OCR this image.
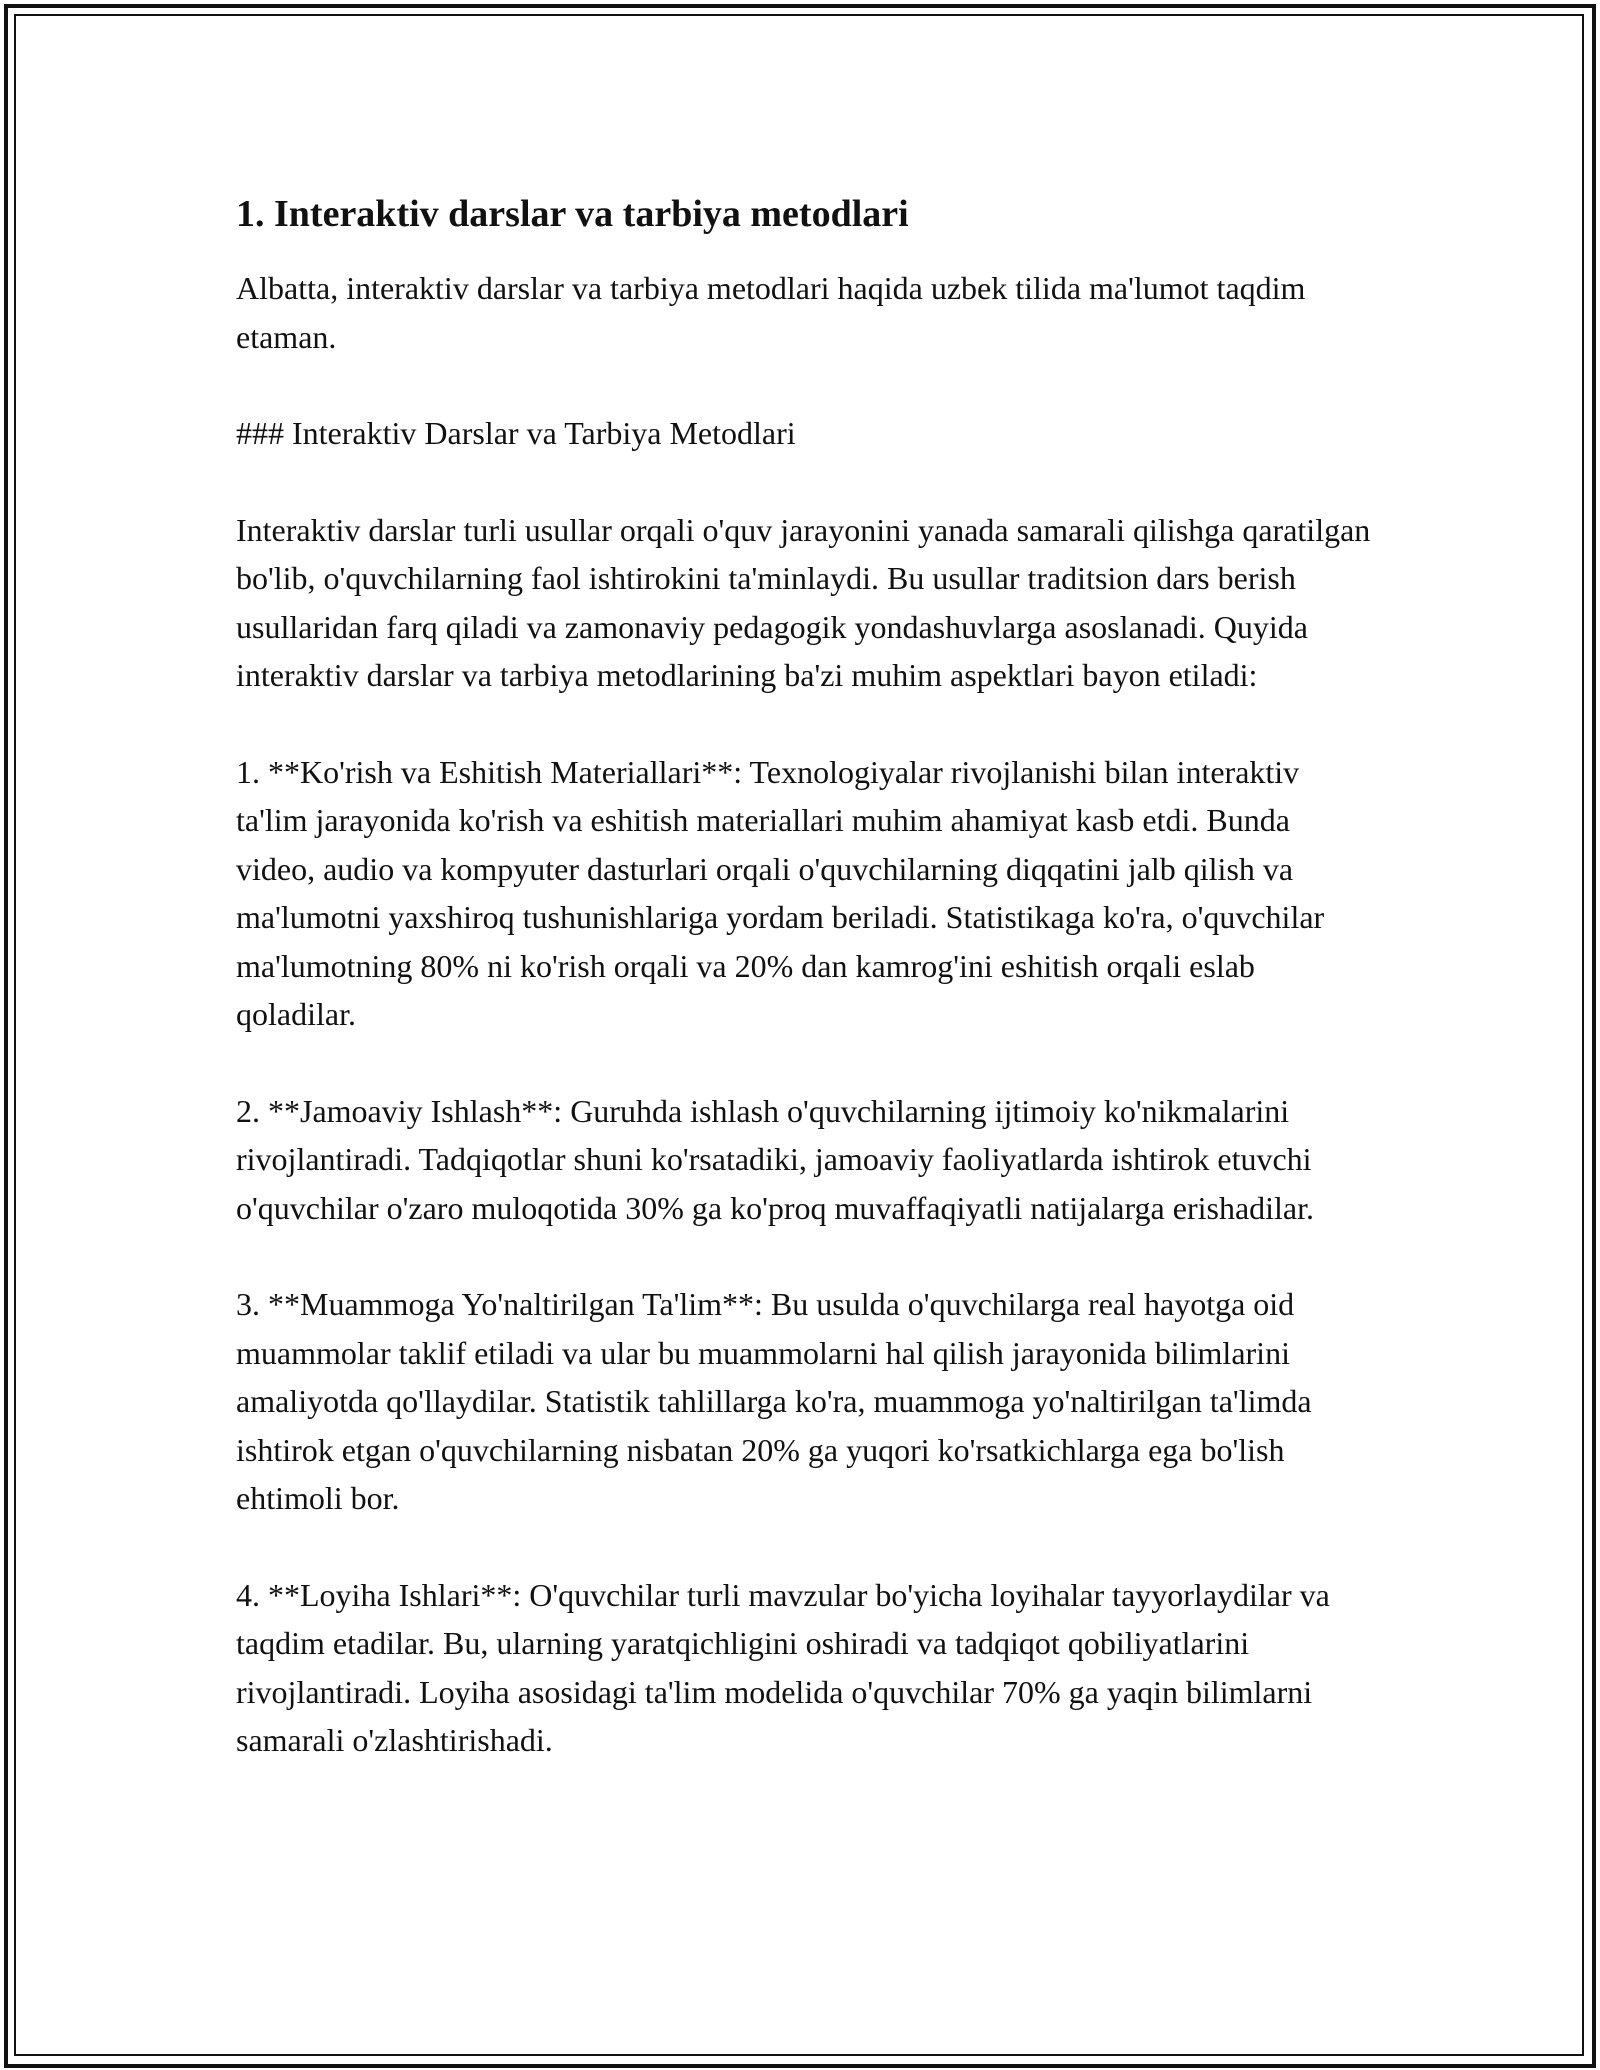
1. Interaktiv darslar va tarbiya metodlari

Albatta, interaktiv darslar va tarbiya metodlari haqida uzbek tilida ma'lumot taqdim etaman.

### Interaktiv Darslar va Tarbiya Metodlari

Interaktiv darslar turli usullar orqali o'quv jarayonini yanada samarali qilishga qaratilgan bo'lib, o'quvchilarning faol ishtirokini ta'minlaydi. Bu usullar traditsion dars berish usullaridan farq qiladi va zamonaviy pedagogik yondashuvlarga asoslanadi. Quyida interaktiv darslar va tarbiya metodlarining ba'zi muhim aspektlari bayon etiladi:

1. **Ko'rish va Eshitish Materiallari**: Texnologiyalar rivojlanishi bilan interaktiv ta'lim jarayonida ko'rish va eshitish materiallari muhim ahamiyat kasb etdi. Bunda video, audio va kompyuter dasturlari orqali o'quvchilarning diqqatini jalb qilish va ma'lumotni yaxshiroq tushunishlariga yordam beriladi. Statistikaga ko'ra, o'quvchilar ma'lumotning 80% ni ko'rish orqali va 20% dan kamrog'ini eshitish orqali eslab qoladilar.

2. **Jamoaviy Ishlash**: Guruhda ishlash o'quvchilarning ijtimoiy ko'nikmalarini rivojlantiradi. Tadqiqotlar shuni ko'rsatadiki, jamoaviy faoliyatlarda ishtirok etuvchi o'quvchilar o'zaro muloqotida 30% ga ko'proq muvaffaqiyatli natijalarga erishadilar.

3. **Muammoga Yo'naltirilgan Ta'lim**: Bu usulda o'quvchilarga real hayotga oid muammolar taklif etiladi va ular bu muammolarni hal qilish jarayonida bilimlarini amaliyotda qo'llaydilar. Statistik tahlillarga ko'ra, muammoga yo'naltirilgan ta'limda ishtirok etgan o'quvchilarning nisbatan 20% ga yuqori ko'rsatkichlarga ega bo'lish ehtimoli bor.

4. **Loyiha Ishlari**: O'quvchilar turli mavzular bo'yicha loyihalar tayyorlaydilar va taqdim etadilar. Bu, ularning yaratqichligini oshiradi va tadqiqot qobiliyatlarini rivojlantiradi. Loyiha asosidagi ta'lim modelida o'quvchilar 70% ga yaqin bilimlarni samarali o'zlashtirishadi.
